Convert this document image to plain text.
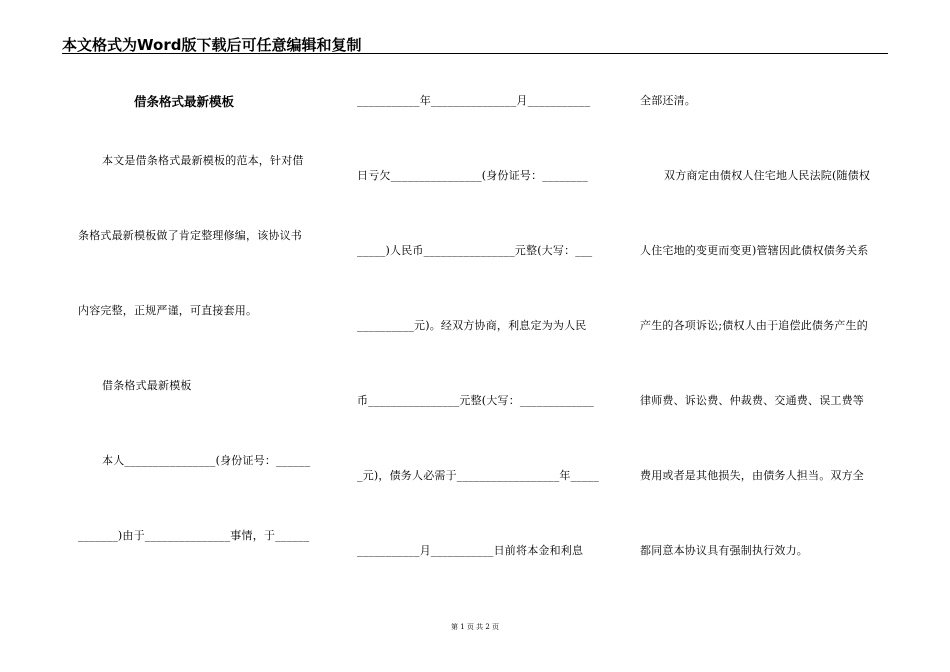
本文格式为Word版下载后可任意编辑和复制
借条格式最新模板
本文是借条格式最新模板的范本，针对借
条格式最新模板做了肯定整理修编，该协议书
内容完整，正规严谨，可直接套用。
借条格式最新模板
本人________________(身份证号：______
_______)由于_______________事情，于______
___________年_______________月___________
日亏欠________________(身份证号：________
_____)人民币________________元整(大写：___
__________元)。经双方协商，利息定为为人民
币________________元整(大写：_____________
_元)，债务人必需于__________________年_____
___________月___________日前将本金和利息
全部还清。
双方商定由债权人住宅地人民法院(随债权
人住宅地的变更而变更)管辖因此债权债务关系
产生的各项诉讼;债权人由于追偿此债务产生的
律师费、诉讼费、仲裁费、交通费、误工费等
费用或者是其他损失，由债务人担当。双方全
都同意本协议具有强制执行效力。
第 1 页 共 2 页
